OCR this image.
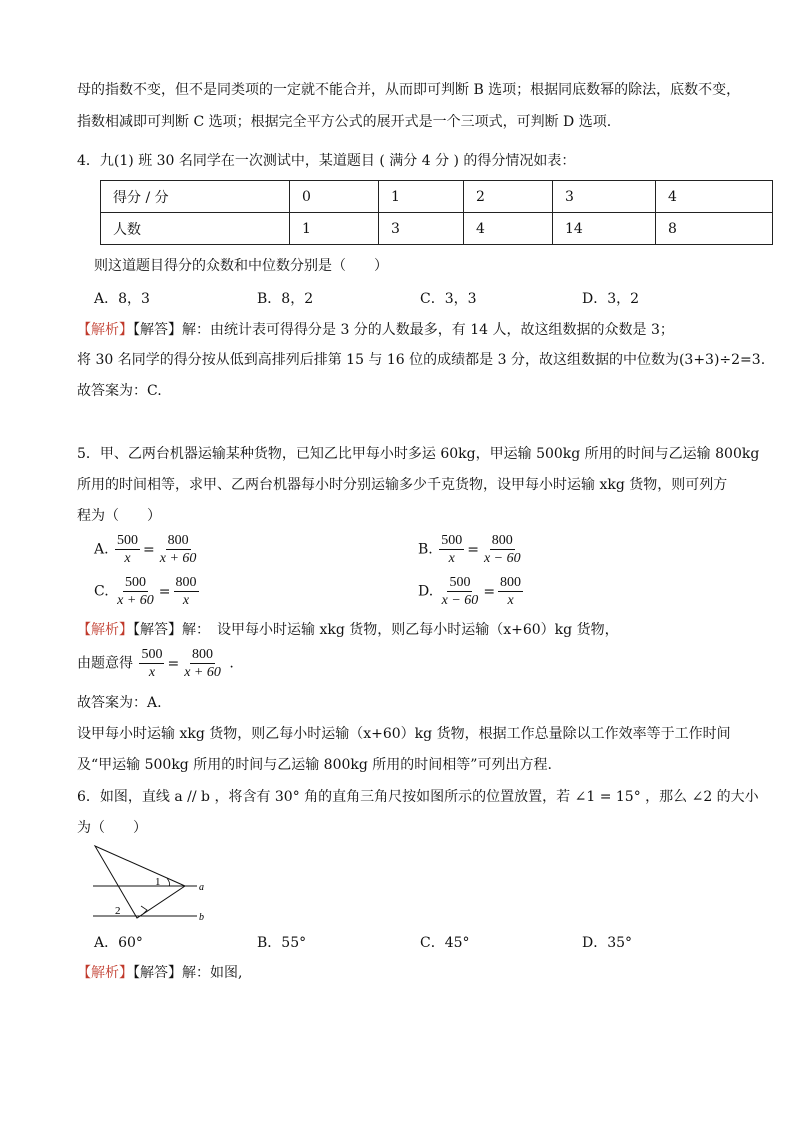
母的指数不变，但不是同类项的一定就不能合并，从而即可判断 B 选项；根据同底数幂的除法，底数不变，
指数相减即可判断 C 选项；根据完全平方公式的展开式是一个三项式，可判断 D 选项.
4．九(1) 班 30 名同学在一次测试中，某道题目 ( 满分 4 分 ) 的得分情况如表：
得分 / 分	0	1	2	3	4
人数	1	3	4	14	8
则这道题目得分的众数和中位数分别是（　　）
A．8，3	B．8，2	C．3，3	D．3，2
【解析】【解答】解：由统计表可得得分是 3 分的人数最多，有 14 人，故这组数据的众数是 3；
将 30 名同学的得分按从低到高排列后排第 15 与 16 位的成绩都是 3 分，故这组数据的中位数为(3+3)÷2=3.
故答案为：C.
5．甲、乙两台机器运输某种货物，已知乙比甲每小时多运 60kg，甲运输 500kg 所用的时间与乙运输 800kg
所用的时间相等，求甲、乙两台机器每小时分别运输多少千克货物，设甲每小时运输 xkg 货物，则可列方
程为（　　）
A. $\frac{500}{x} = \frac{800}{x + 60}$	B. $\frac{500}{x} = \frac{800}{x - 60}$
C. $\frac{500}{x + 60} = \frac{800}{x}$	D. $\frac{500}{x - 60} = \frac{800}{x}$
【解析】【解答】解：　设甲每小时运输 xkg 货物，则乙每小时运输（x+60）kg 货物，
由题意得 $\frac{500}{x} = \frac{800}{x + 60}$ .
故答案为：A.
设甲每小时运输 xkg 货物，则乙每小时运输（x+60）kg 货物，根据工作总量除以工作效率等于工作时间
及“甲运输 500kg 所用的时间与乙运输 800kg 所用的时间相等”可列出方程.
6．如图，直线 a // b ，将含有 30° 角的直角三角尺按如图所示的位置放置，若 ∠1 = 15° ，那么 ∠2 的大小
为（　　）
1
2
a
b
A．60°	B．55°	C．45°	D．35°
【解析】【解答】解：如图,
